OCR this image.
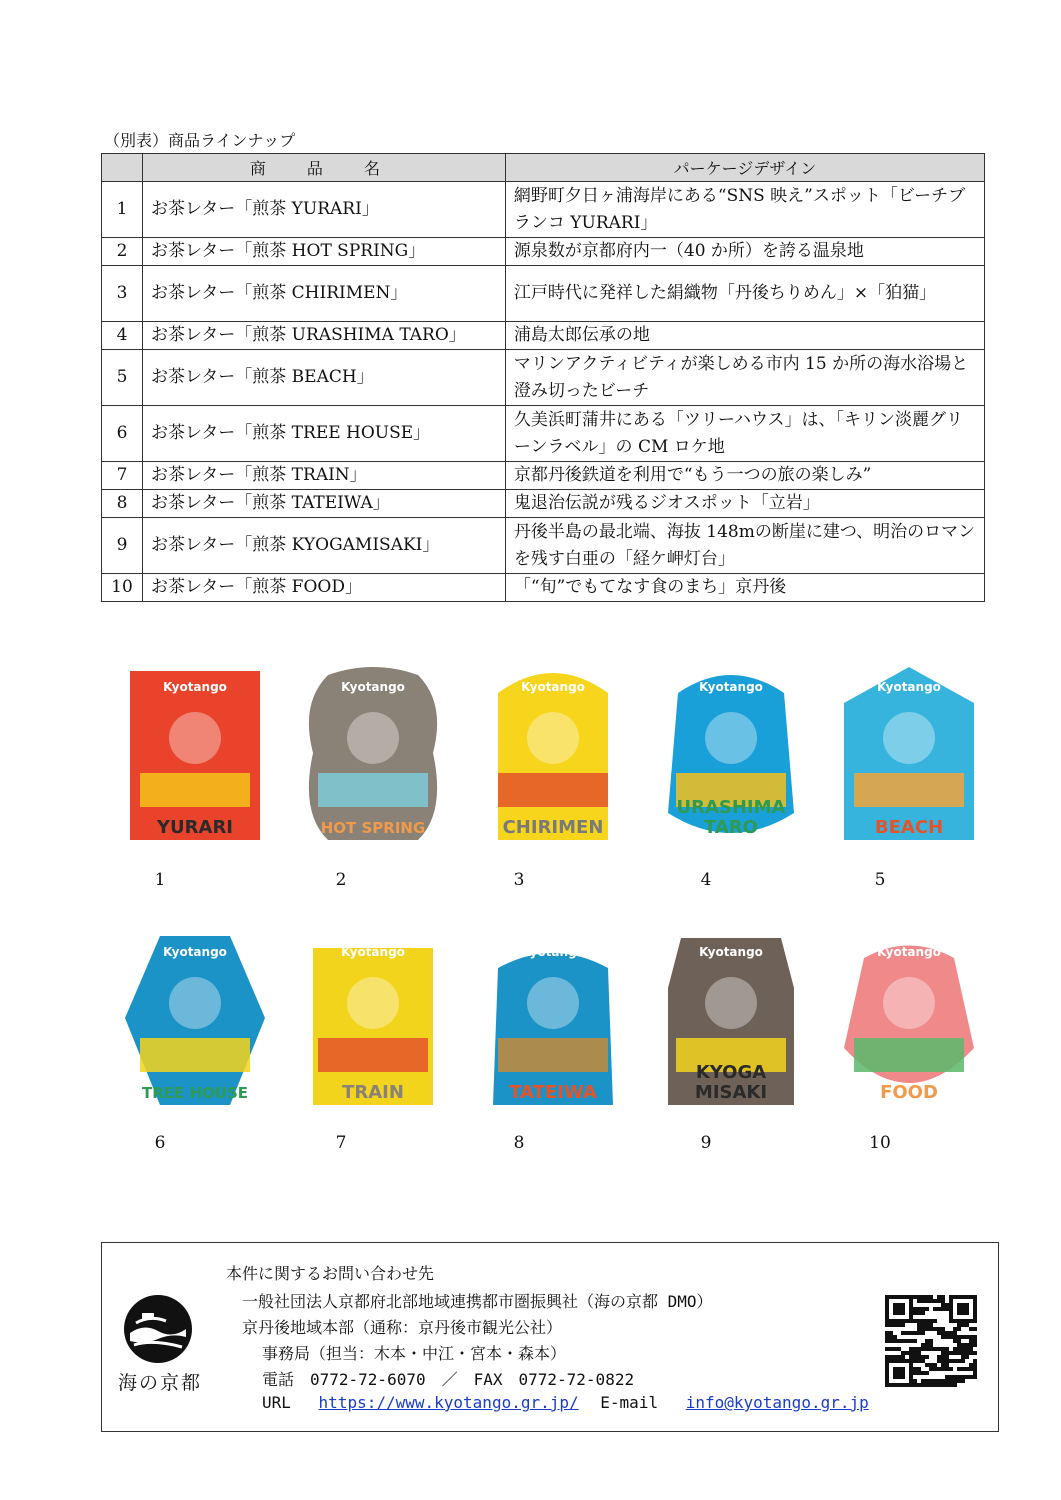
（別表）商品ラインナップ
	商 品 名	パーケージデザイン
1	お茶レター「煎茶 YURARI」	網野町夕日ヶ浦海岸にある“SNS 映え”スポット「ビーチブランコ YURARI」
2	お茶レター「煎茶 HOT SPRING」	源泉数が京都府内一（40 か所）を誇る温泉地
3	お茶レター「煎茶 CHIRIMEN」	江戸時代に発祥した絹織物「丹後ちりめん」×「狛猫」
4	お茶レター「煎茶 URASHIMA TARO」	浦島太郎伝承の地
5	お茶レター「煎茶 BEACH」	マリンアクティビティが楽しめる市内 15 か所の海水浴場と澄み切ったビーチ
6	お茶レター「煎茶 TREE HOUSE」	久美浜町蒲井にある「ツリーハウス」は、「キリン淡麗グリーンラベル」の CM ロケ地
7	お茶レター「煎茶 TRAIN」	京都丹後鉄道を利用で“もう一つの旅の楽しみ”
8	お茶レター「煎茶 TATEIWA」	鬼退治伝説が残るジオスポット「立岩」
9	お茶レター「煎茶 KYOGAMISAKI」	丹後半島の最北端、海抜 148mの断崖に建つ、明治のロマンを残す白亜の「経ケ岬灯台」
10	お茶レター「煎茶 FOOD」	「“旬”でもてなす食のまち」京丹後
Kyotango
YURARI
1
Kyotango
HOT SPRING
2
Kyotango
CHIRIMEN
3
Kyotango
URASHIMA
TARO
4
Kyotango
BEACH
5
Kyotango
TREE HOUSE
6
Kyotango
TRAIN
7
Kyotango
TATEIWA
8
Kyotango
KYOGA
MISAKI
9
Kyotango
FOOD
10
本件に関するお問い合わせ先
一般社団法人京都府北部地域連携都市圏振興社（海の京都 DMO）
京丹後地域本部（通称：京丹後市観光公社）
事務局（担当：木本・中江・宮本・森本）
電話　0772-72-6070　／　FAX　0772-72-0822
URL https://www.kyotango.gr.jp/ E-mail info@kyotango.gr.jp
海の京都
